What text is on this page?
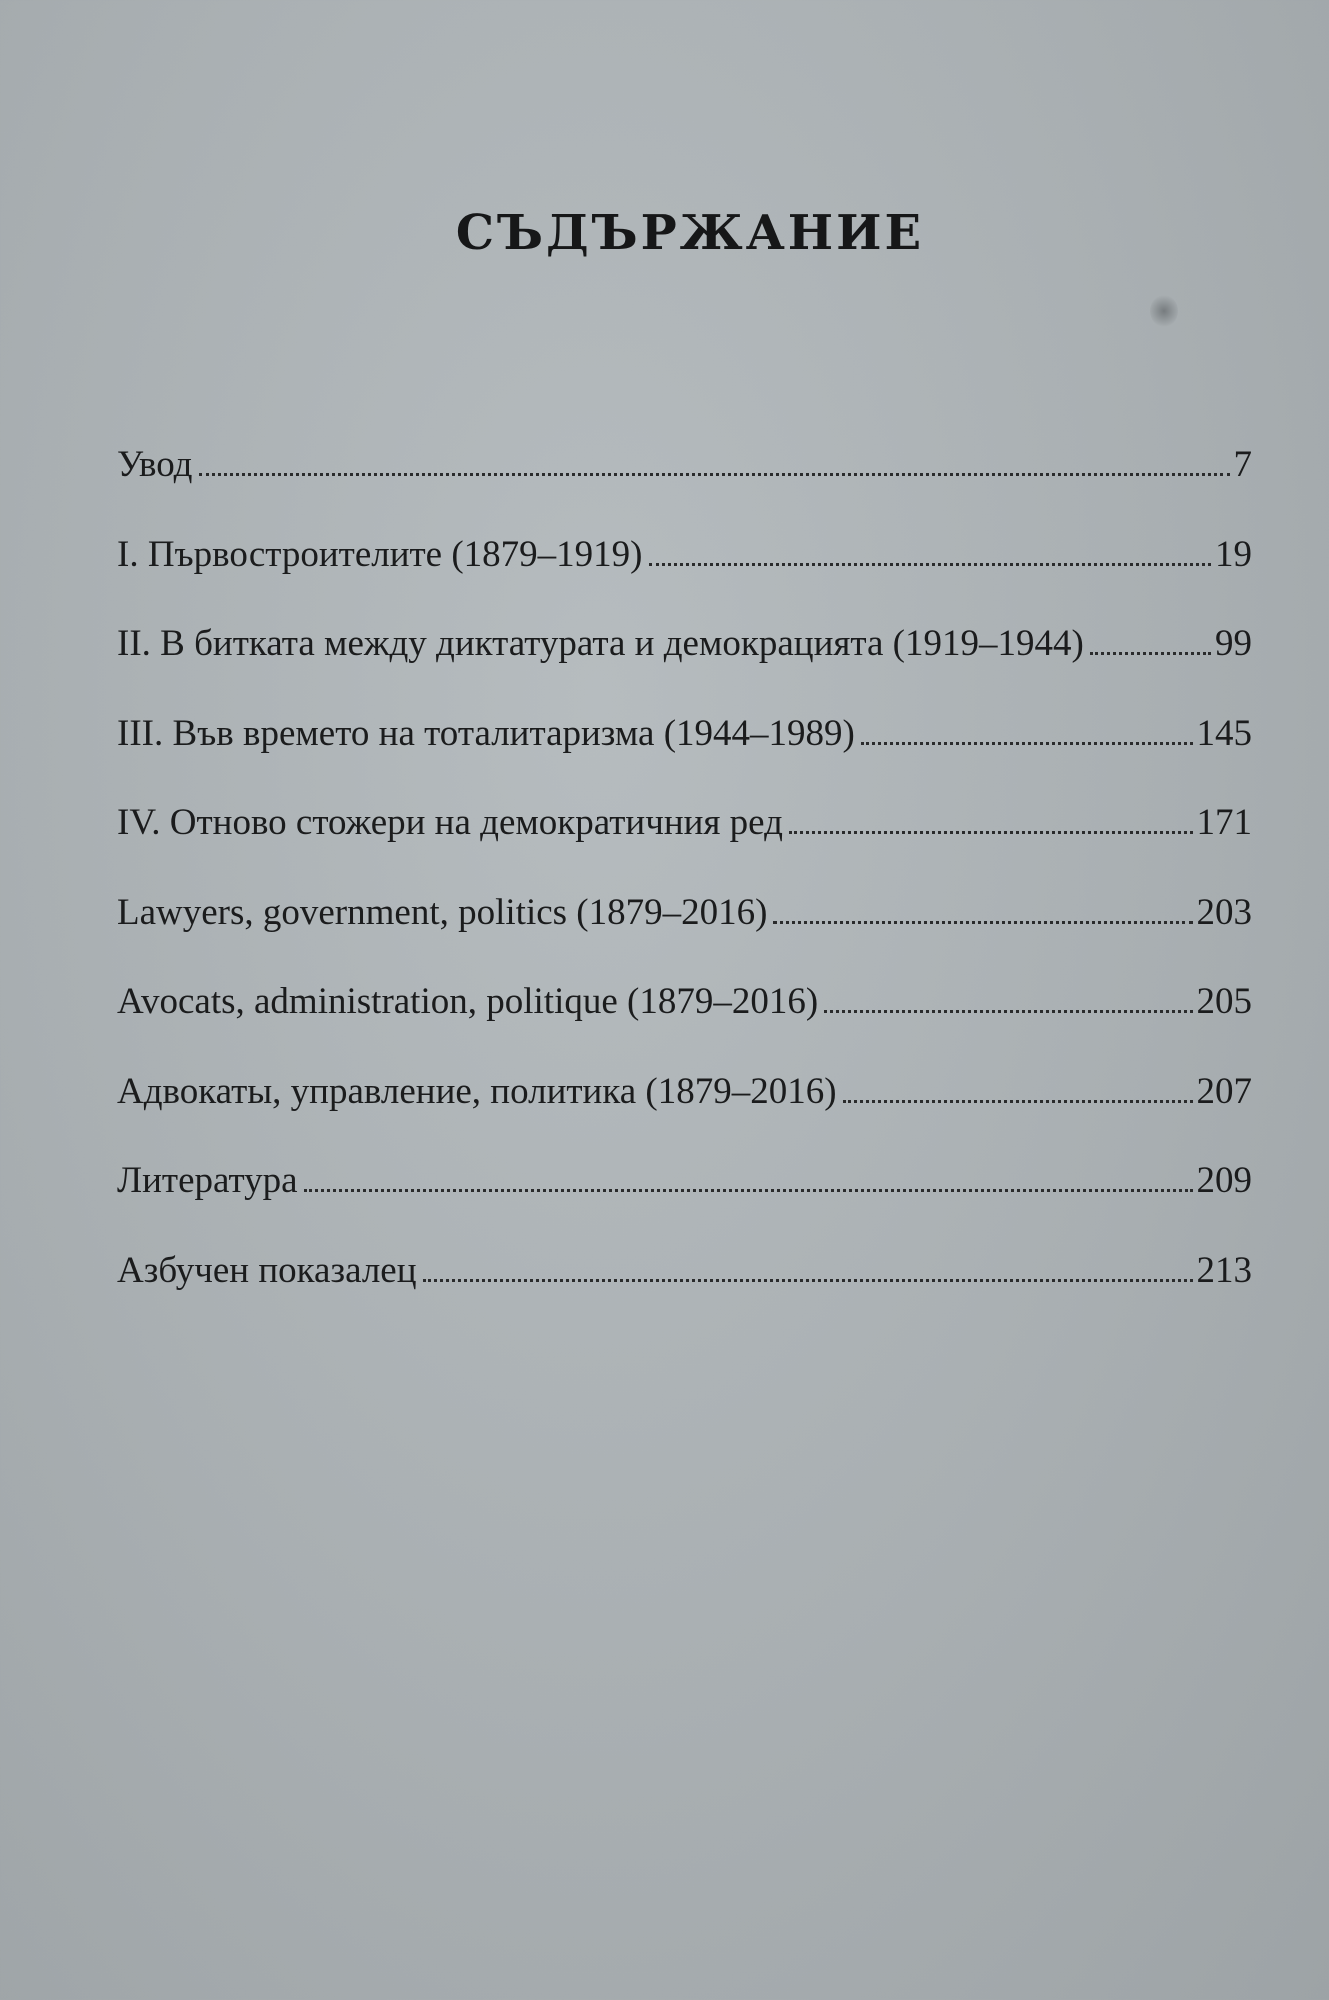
СЪДЪРЖАНИЕ
Увод	7
I. Първостроителите (1879–1919)	19
II. В битката между диктатурата и демокрацията (1919–1944)	99
III. Във времето на тоталитаризма (1944–1989)	145
IV. Отново стожери на демократичния ред	171
Lawyers, government, politics (1879–2016)	203
Avocats, administration, politique (1879–2016)	205
Адвокаты, управление, политика (1879–2016)	207
Литература	209
Азбучен показалец	213
